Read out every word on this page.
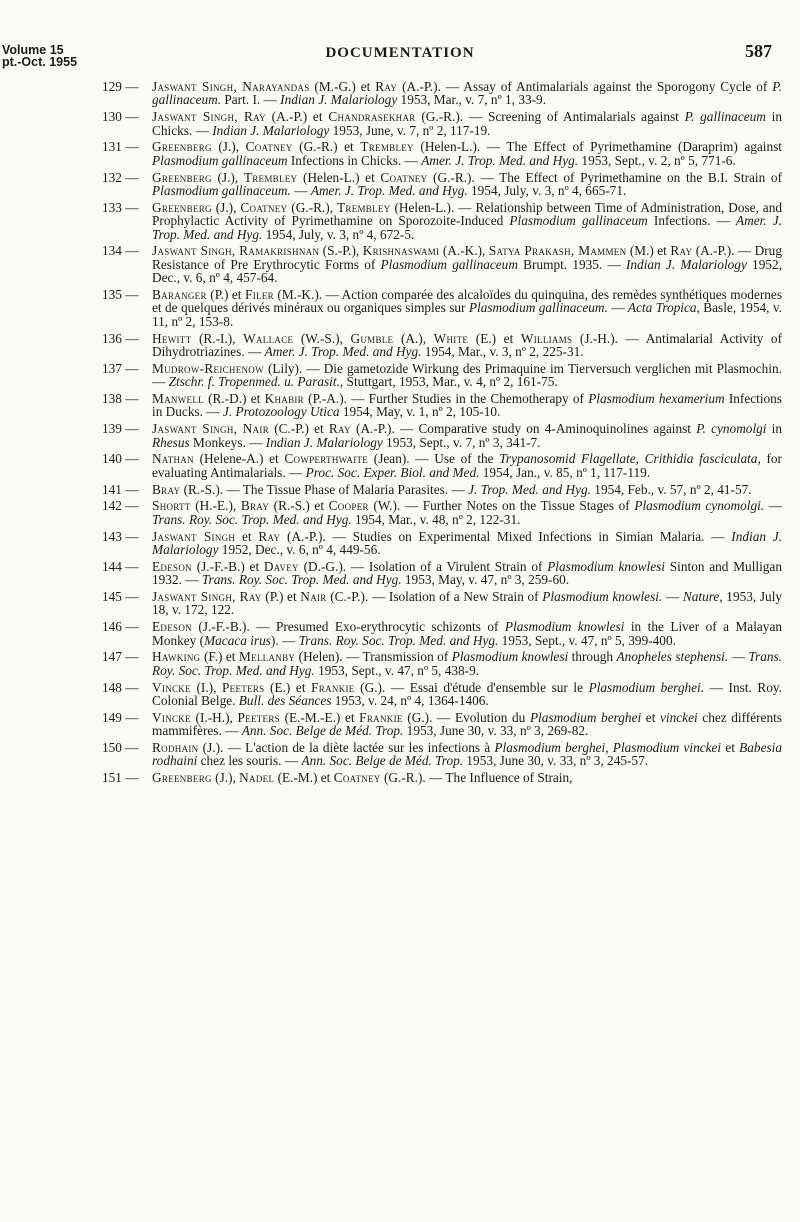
Volume 15
pt.-Oct. 1955
DOCUMENTATION	587
129 —	Jaswant Singh, Narayandas (M.-G.) et Ray (A.-P.). — Assay of Antimalarials against the Sporogony Cycle of P. gallinaceum. Part. I. — Indian J. Malariology 1953, Mar., v. 7, nº 1, 33-9.
130 —	Jaswant Singh, Ray (A.-P.) et Chandrasekhar (G.-R.). — Screening of Antimalarials against P. gallinaceum in Chicks. — Indian J. Malariology 1953, June, v. 7, nº 2, 117-19.
131 —	Greenberg (J.), Coatney (G.-R.) et Trembley (Helen-L.). — The Effect of Pyrimethamine (Daraprim) against Plasmodium gallinaceum Infections in Chicks. — Amer. J. Trop. Med. and Hyg. 1953, Sept., v. 2, nº 5, 771-6.
132 —	Greenberg (J.), Trembley (Helen-L.) et Coatney (G.-R.). — The Effect of Pyrimethamine on the B.I. Strain of Plasmodium gallinaceum. — Amer. J. Trop. Med. and Hyg. 1954, July, v. 3, nº 4, 665-71.
133 —	Greenberg (J.), Coatney (G.-R.), Trembley (Helen-L.). — Relationship between Time of Administration, Dose, and Prophylactic Activity of Pyrimethamine on Sporozoite-Induced Plasmodium gallinaceum Infections. — Amer. J. Trop. Med. and Hyg. 1954, July, v. 3, nº 4, 672-5.
134 —	Jaswant Singh, Ramakrishnan (S.-P.), Krishnaswami (A.-K.), Satya Prakash, Mammen (M.) et Ray (A.-P.). — Drug Resistance of Pre Erythrocytic Forms of Plasmodium gallinaceum Brumpt. 1935. — Indian J. Malariology 1952, Dec., v. 6, nº 4, 457-64.
135 —	Baranger (P.) et Filer (M.-K.). — Action comparée des alcaloïdes du quinquina, des remèdes synthétiques modernes et de quelques dérivés minéraux ou organiques simples sur Plasmodium gallinaceum. — Acta Tropica, Basle, 1954, v. 11, nº 2, 153-8.
136 —	Hewitt (R.-I.), Wallace (W.-S.), Gumble (A.), White (E.) et Williams (J.-H.). — Antimalarial Activity of Dihydrotriazines. — Amer. J. Trop. Med. and Hyg. 1954, Mar., v. 3, nº 2, 225-31.
137 —	Mudrow-Reichenow (Lily). — Die gametozide Wirkung des Primaquine im Tierversuch verglichen mit Plasmochin. — Ztschr. f. Tropenmed. u. Parasit., Stuttgart, 1953, Mar., v. 4, nº 2, 161-75.
138 —	Manwell (R.-D.) et Khabir (P.-A.). — Further Studies in the Chemotherapy of Plasmodium hexamerium Infections in Ducks. — J. Protozoology Utica 1954, May, v. 1, nº 2, 105-10.
139 —	Jaswant Singh, Nair (C.-P.) et Ray (A.-P.). — Comparative study on 4-Aminoquinolines against P. cynomolgi in Rhesus Monkeys. — Indian J. Malariology 1953, Sept., v. 7, nº 3, 341-7.
140 —	Nathan (Helene-A.) et Cowperthwaite (Jean). — Use of the Trypanosomid Flagellate, Crithidia fasciculata, for evaluating Antimalarials. — Proc. Soc. Exper. Biol. and Med. 1954, Jan., v. 85, nº 1, 117-119.
141 —	Bray (R.-S.). — The Tissue Phase of Malaria Parasites. — J. Trop. Med. and Hyg. 1954, Feb., v. 57, nº 2, 41-57.
142 —	Shortt (H.-E.), Bray (R.-S.) et Cooper (W.). — Further Notes on the Tissue Stages of Plasmodium cynomolgi. — Trans. Roy. Soc. Trop. Med. and Hyg. 1954, Mar., v. 48, nº 2, 122-31.
143 —	Jaswant Singh et Ray (A.-P.). — Studies on Experimental Mixed Infections in Simian Malaria. — Indian J. Malariology 1952, Dec., v. 6, nº 4, 449-56.
144 —	Edeson (J.-F.-B.) et Davey (D.-G.). — Isolation of a Virulent Strain of Plasmodium knowlesi Sinton and Mulligan 1932. — Trans. Roy. Soc. Trop. Med. and Hyg. 1953, May, v. 47, nº 3, 259-60.
145 —	Jaswant Singh, Ray (P.) et Nair (C.-P.). — Isolation of a New Strain of Plasmodium knowlesi. — Nature, 1953, July 18, v. 172, 122.
146 —	Edeson (J.-F.-B.). — Presumed Exo-erythrocytic schizonts of Plasmodium knowlesi in the Liver of a Malayan Monkey (Macaca irus). — Trans. Roy. Soc. Trop. Med. and Hyg. 1953, Sept., v. 47, nº 5, 399-400.
147 —	Hawking (F.) et Mellanby (Helen). — Transmission of Plasmodium knowlesi through Anopheles stephensi. — Trans. Roy. Soc. Trop. Med. and Hyg. 1953, Sept., v. 47, nº 5, 438-9.
148 —	Vincke (I.), Peeters (E.) et Frankie (G.). — Essai d'étude d'ensemble sur le Plasmodium berghei. — Inst. Roy. Colonial Belge. Bull. des Séances 1953, v. 24, nº 4, 1364-1406.
149 —	Vincke (I.-H.), Peeters (E.-M.-E.) et Frankie (G.). — Evolution du Plasmodium berghei et vinckei chez différents mammifères. — Ann. Soc. Belge de Méd. Trop. 1953, June 30, v. 33, nº 3, 269-82.
150 —	Rodhain (J.). — L'action de la diète lactée sur les infections à Plasmodium berghei, Plasmodium vinckei et Babesia rodhaini chez les souris. — Ann. Soc. Belge de Méd. Trop. 1953, June 30, v. 33, nº 3, 245-57.
151 —	Greenberg (J.), Nadel (E.-M.) et Coatney (G.-R.). — The Influence of Strain,
